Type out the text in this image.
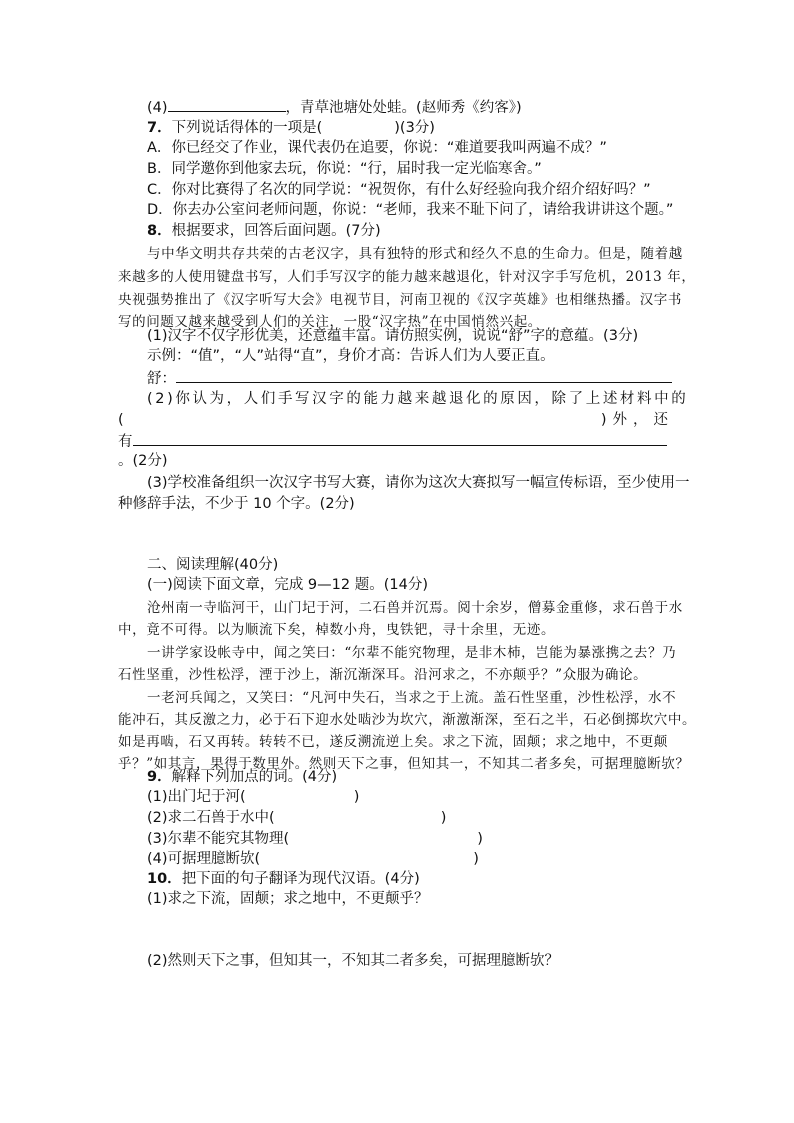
(4)	，青草池塘处处蛙。(赵师秀《约客》)
7．下列说话得体的一项是(	)(3分)
A．你已经交了作业，课代表仍在追要，你说：“难道要我叫两遍不成？”
B．同学邀你到他家去玩，你说：“行，届时我一定光临寒舍。”
C．你对比赛得了名次的同学说：“祝贺你，有什么好经验向我介绍介绍好吗？”
D．你去办公室问老师问题，你说：“老师，我来不耻下问了，请给我讲讲这个题。”
8．根据要求，回答后面问题。(7分)
与中华文明共存共荣的古老汉字，具有独特的形式和经久不息的生命力。但是，随着越
来越多的人使用键盘书写，人们手写汉字的能力越来越退化，针对汉字手写危机，2013 年，
央视强势推出了《汉字听写大会》电视节目，河南卫视的《汉字英雄》也相继热播。汉字书
写的问题又越来越受到人们的关注，一股“汉字热”在中国悄然兴起。
(1)汉字不仅字形优美，还意蕴丰富。请仿照实例，说说“舒”字的意蕴。(3分)
示例：“值”，“人”站得“直”，身价才高：告诉人们为人要正直。
舒：
(2)你认为，人们手写汉字的能力越来越退化的原因，除了上述材料中的
(	)外，还
有
。(2分)
(3)学校准备组织一次汉字书写大赛，请你为这次大赛拟写一幅宣传标语，至少使用一
种修辞手法，不少于 10 个字。(2分)
二、阅读理解(40分)
(一)阅读下面文章，完成 9—12 题。(14分)
沧州南一寺临河干，山门圮于河，二石兽并沉焉。阅十余岁，僧募金重修，求石兽于水
中，竟不可得。以为顺流下矣，棹数小舟，曳铁钯，寻十余里，无迹。
一讲学家设帐寺中，闻之笑曰：“尔辈不能究物理，是非木杮，岂能为暴涨携之去？乃
石性坚重，沙性松浮，湮于沙上，渐沉渐深耳。沿河求之，不亦颠乎？”众服为确论。
一老河兵闻之，又笑曰：“凡河中失石，当求之于上流。盖石性坚重，沙性松浮，水不
能冲石，其反激之力，必于石下迎水处啮沙为坎穴，渐激渐深，至石之半，石必倒掷坎穴中。
如是再啮，石又再转。转转不已，遂反溯流逆上矣。求之下流，固颠；求之地中，不更颠
乎？”如其言，果得于数里外。然则天下之事，但知其一，不知其二者多矣，可据理臆断欤？
9．解释下列加点的词。(4分)
(1)出门圮于河(	)
(2)求二石兽于水中(	)
(3)尔辈不能究其物理(	)
(4)可据理臆断欤(	)
10．把下面的句子翻译为现代汉语。(4分)
(1)求之下流，固颠；求之地中，不更颠乎？
(2)然则天下之事，但知其一，不知其二者多矣，可据理臆断欤？
